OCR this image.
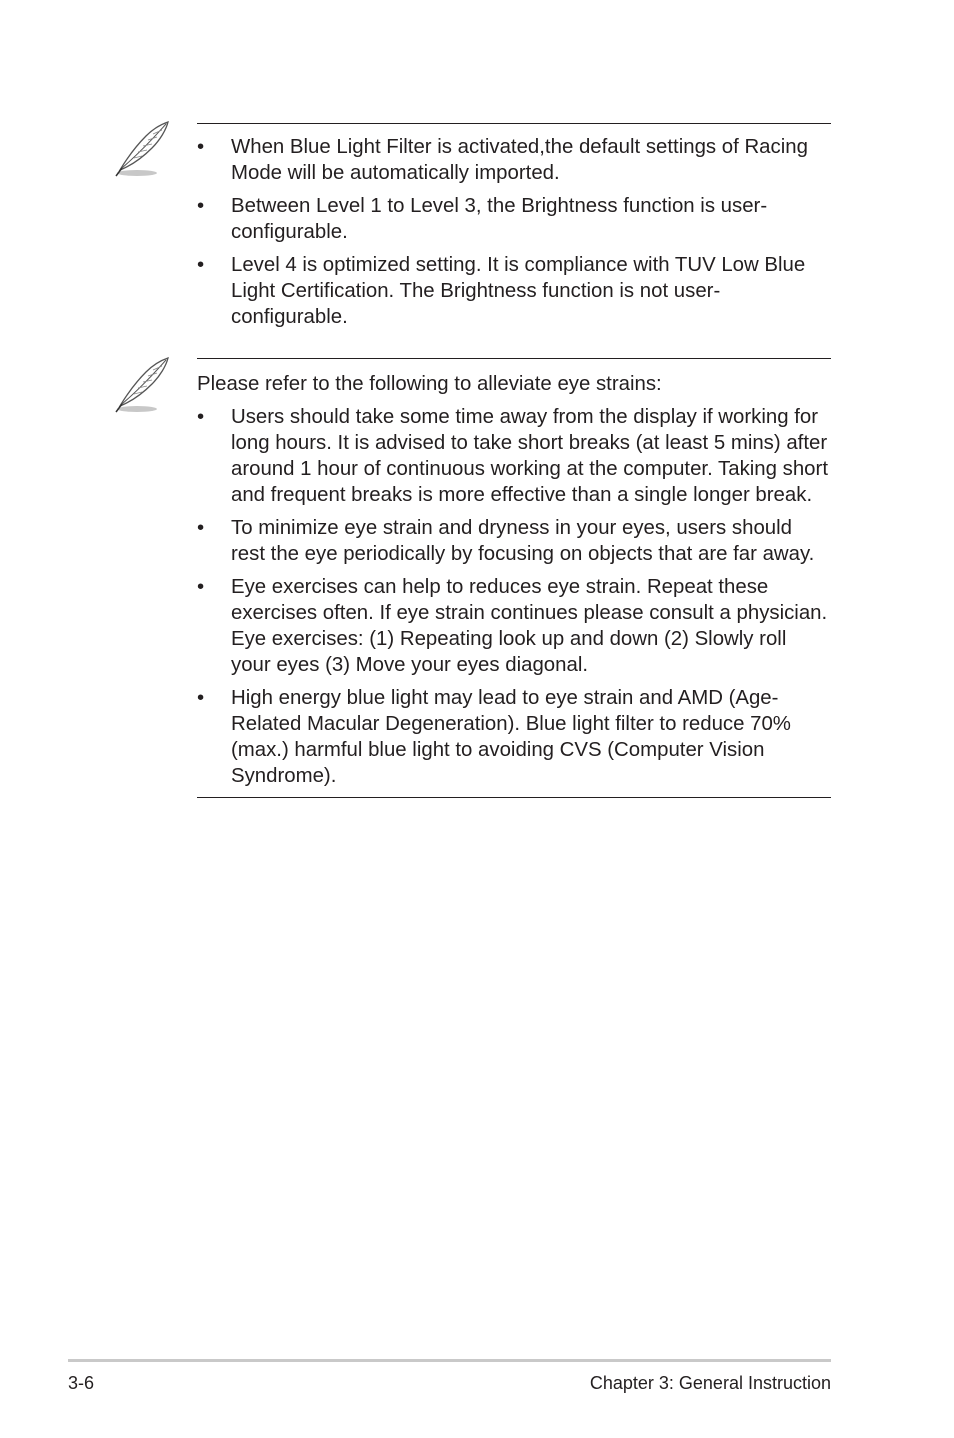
• When Blue Light Filter is activated,the default settings of Racing Mode will be automatically imported.
• Between Level 1 to Level 3, the Brightness function is user-configurable.
• Level 4 is optimized setting. It is compliance with TUV Low Blue Light Certification. The Brightness function is not user-configurable.

Please refer to the following to alleviate eye strains:

• Users should take some time away from the display if working for long hours. It is advised to take short breaks (at least 5 mins) after around 1 hour of continuous working at the computer. Taking short and frequent breaks is more effective than a single longer break.
• To minimize eye strain and dryness in your eyes, users should rest the eye periodically by focusing on objects that are far away.
• Eye exercises can help to reduces eye strain. Repeat these exercises often. If eye strain continues please consult a physician. Eye exercises: (1) Repeating look up and down (2) Slowly roll your eyes (3) Move your eyes diagonal.
• High energy blue light may lead to eye strain and AMD (Age-Related Macular Degeneration). Blue light filter to reduce 70% (max.) harmful blue light to avoiding CVS (Computer Vision Syndrome).
3-6	Chapter 3: General Instruction
